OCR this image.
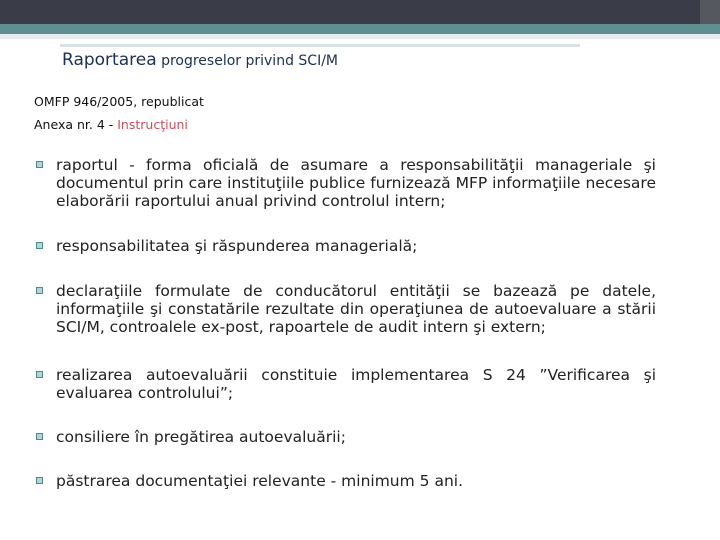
Raportarea progreselor privind SCI/M
OMFP 946/2005, republicat
Anexa nr. 4 - Instrucţiuni
raportul - forma oficială de asumare a responsabilităţii manageriale şi documentul prin care instituţiile publice furnizează MFP informaţiile necesare elaborării raportului anual privind controlul intern;
responsabilitatea şi răspunderea managerială;
declaraţiile formulate de conducătorul entităţii se bazează pe datele, informaţiile şi constatările rezultate din operaţiunea de autoevaluare a stării SCI/M, controalele ex-post, rapoartele de audit intern şi extern;
realizarea autoevaluării constituie implementarea S 24 ”Verificarea şi evaluarea controlului”;
consiliere în pregătirea autoevaluării;
păstrarea documentaţiei relevante - minimum 5 ani.
